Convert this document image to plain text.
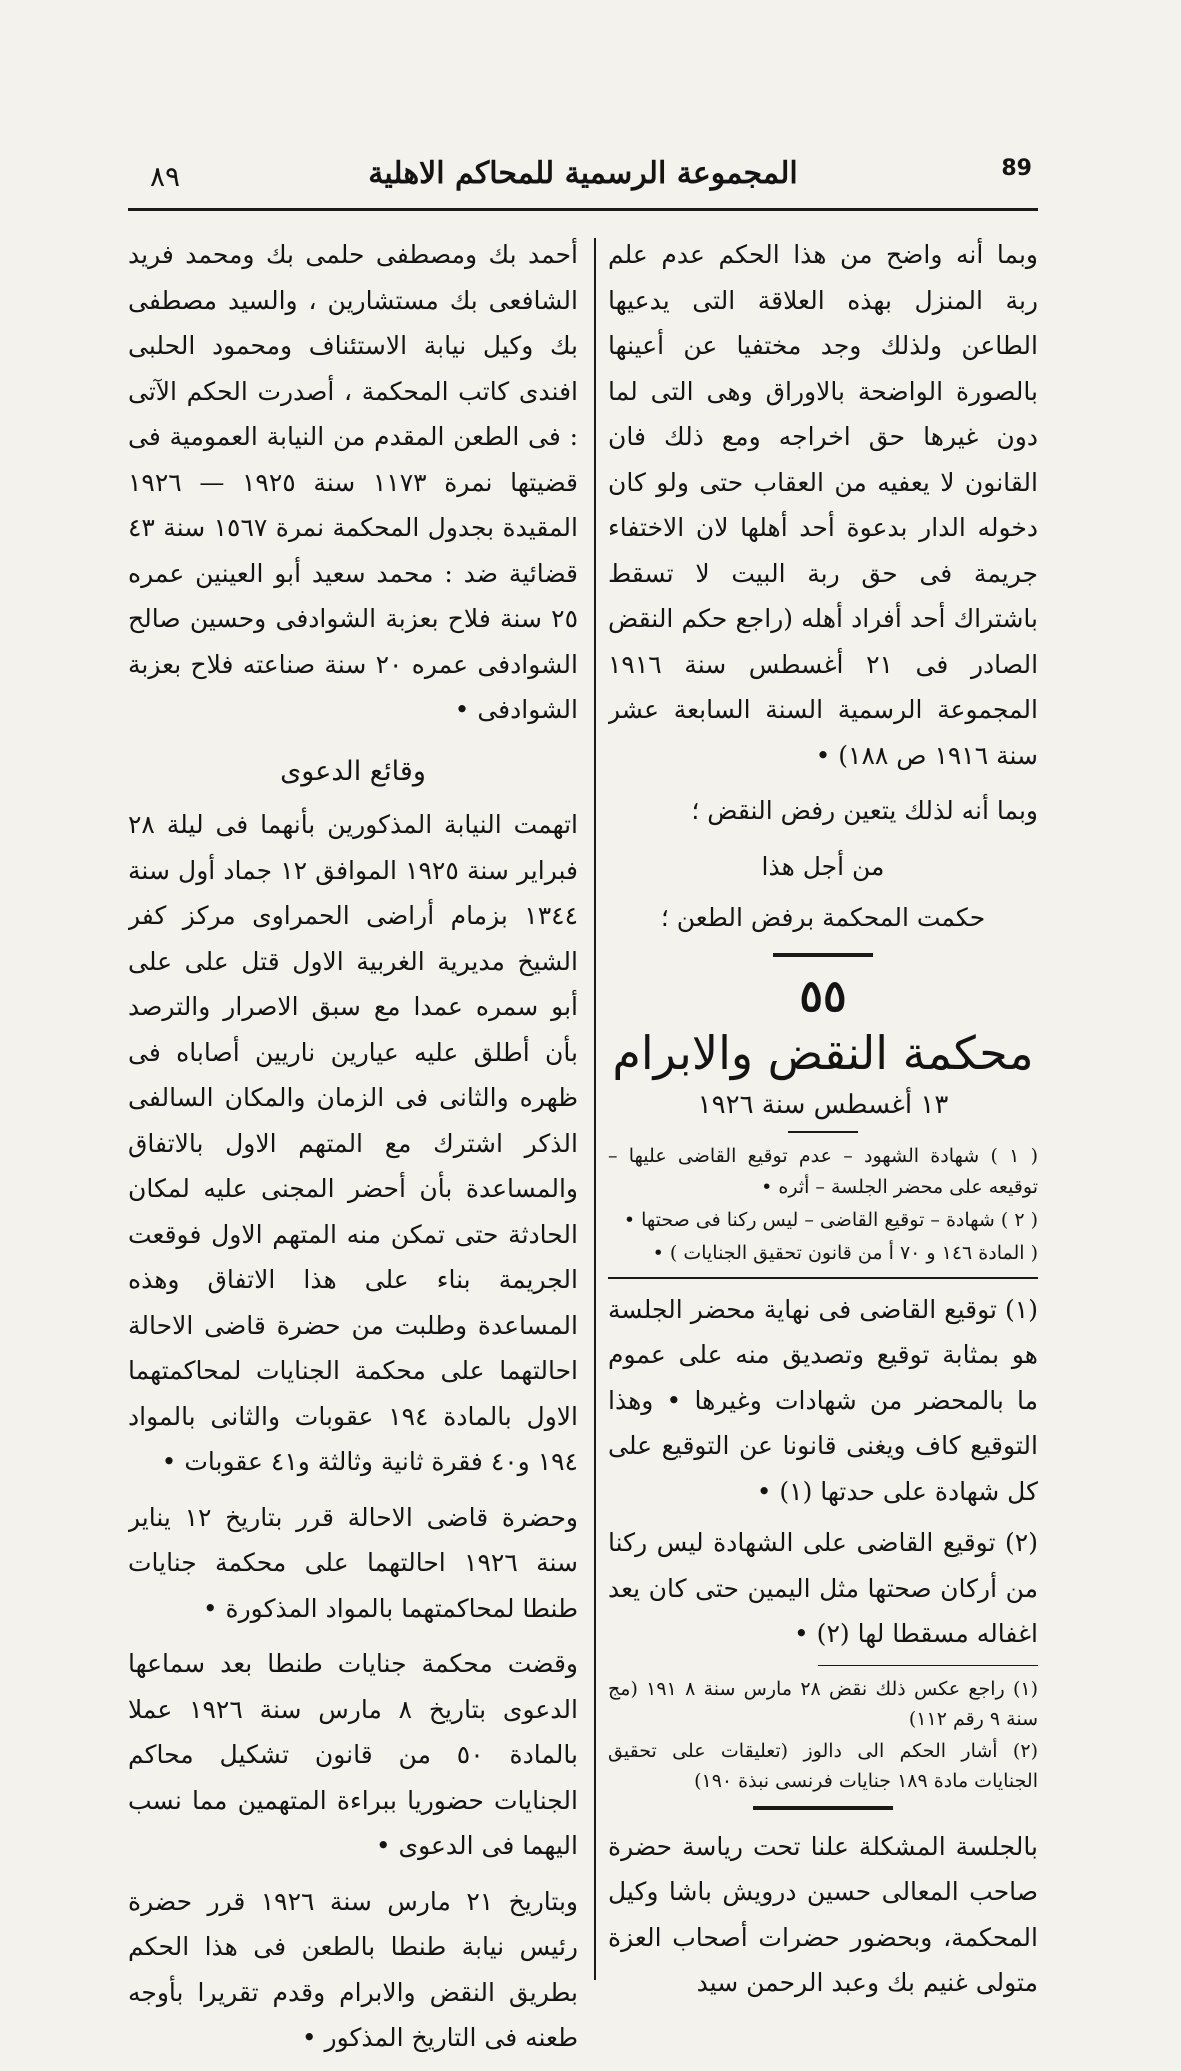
٨٩	المجموعة الرسمية للمحاكم الاهلية	89

وبما أنه واضح من هذا الحكم عدم علم ربة المنزل بهذه العلاقة التى يدعيها الطاعن ولذلك وجد مختفيا عن أعينها بالصورة الواضحة بالاوراق وهى التى لما دون غيرها حق اخراجه ومع ذلك فان القانون لا يعفيه من العقاب حتى ولو كان دخوله الدار بدعوة أحد أهلها لان الاختفاء جريمة فى حق ربة البيت لا تسقط باشتراك أحد أفراد أهله (راجع حكم النقض الصادر فى ٢١ أغسطس سنة ١٩١٦ المجموعة الرسمية السنة السابعة عشر سنة ١٩١٦ ص ١٨٨) •

وبما أنه لذلك يتعين رفض النقض ؛

من أجل هذا

حكمت المحكمة برفض الطعن ؛

٥٥
محكمة النقض والابرام
١٣ أغسطس سنة ١٩٢٦

( ١ ) شهادة الشهود – عدم توقيع القاضى عليها – توقيعه على محضر الجلسة – أثره •

( ٢ ) شهادة – توقيع القاضى – ليس ركنا فى صحتها •

( المادة ١٤٦ و ٧٠ أ من قانون تحقيق الجنايات ) •

(١) توقيع القاضى فى نهاية محضر الجلسة هو بمثابة توقيع وتصديق منه على عموم ما بالمحضر من شهادات وغيرها • وهذا التوقيع كاف ويغنى قانونا عن التوقيع على كل شهادة على حدتها (١) •

(٢) توقيع القاضى على الشهادة ليس ركنا من أركان صحتها مثل اليمين حتى كان يعد اغفاله مسقطا لها (٢) •

(١) راجع عكس ذلك نقض ٢٨ مارس سنة ٨ ١٩١ (مج سنة ٩ رقم ١١٢)

(٢) أشار الحكم الى دالوز (تعليقات على تحقيق الجنايات مادة ١٨٩ جنايات فرنسى نبذة ١٩٠)

بالجلسة المشكلة علنا تحت رياسة حضرة صاحب المعالى حسين درويش باشا وكيل المحكمة، وبحضور حضرات أصحاب العزة متولى غنيم بك وعبد الرحمن سيد

أحمد بك ومصطفى حلمى بك ومحمد فريد الشافعى بك مستشارين ، والسيد مصطفى بك وكيل نيابة الاستئناف ومحمود الحلبى افندى كاتب المحكمة ، أصدرت الحكم الآتى : فى الطعن المقدم من النيابة العمومية فى قضيتها نمرة ١١٧٣ سنة ١٩٢٥ — ١٩٢٦ المقيدة بجدول المحكمة نمرة ١٥٦٧ سنة ٤٣ قضائية ضد : محمد سعيد أبو العينين عمره ٢٥ سنة فلاح بعزبة الشوادفى وحسين صالح الشوادفى عمره ٢٠ سنة صناعته فلاح بعزبة الشوادفى •

وقائع الدعوى

اتهمت النيابة المذكورين بأنهما فى ليلة ٢٨ فبراير سنة ١٩٢٥ الموافق ١٢ جماد أول سنة ١٣٤٤ بزمام أراضى الحمراوى مركز كفر الشيخ مديرية الغربية الاول قتل على على أبو سمره عمدا مع سبق الاصرار والترصد بأن أطلق عليه عيارين ناريين أصاباه فى ظهره والثانى فى الزمان والمكان السالفى الذكر اشترك مع المتهم الاول بالاتفاق والمساعدة بأن أحضر المجنى عليه لمكان الحادثة حتى تمكن منه المتهم الاول فوقعت الجريمة بناء على هذا الاتفاق وهذه المساعدة وطلبت من حضرة قاضى الاحالة احالتهما على محكمة الجنايات لمحاكمتهما الاول بالمادة ١٩٤ عقوبات والثانى بالمواد ١٩٤ و٤٠ فقرة ثانية وثالثة و٤١ عقوبات •

وحضرة قاضى الاحالة قرر بتاريخ ١٢ يناير سنة ١٩٢٦ احالتهما على محكمة جنايات طنطا لمحاكمتهما بالمواد المذكورة •

وقضت محكمة جنايات طنطا بعد سماعها الدعوى بتاريخ ٨ مارس سنة ١٩٢٦ عملا بالمادة ٥٠ من قانون تشكيل محاكم الجنايات حضوريا ببراءة المتهمين مما نسب اليهما فى الدعوى •

وبتاريخ ٢١ مارس سنة ١٩٢٦ قرر حضرة رئيس نيابة طنطا بالطعن فى هذا الحكم بطريق النقض والابرام وقدم تقريرا بأوجه طعنه فى التاريخ المذكور •
